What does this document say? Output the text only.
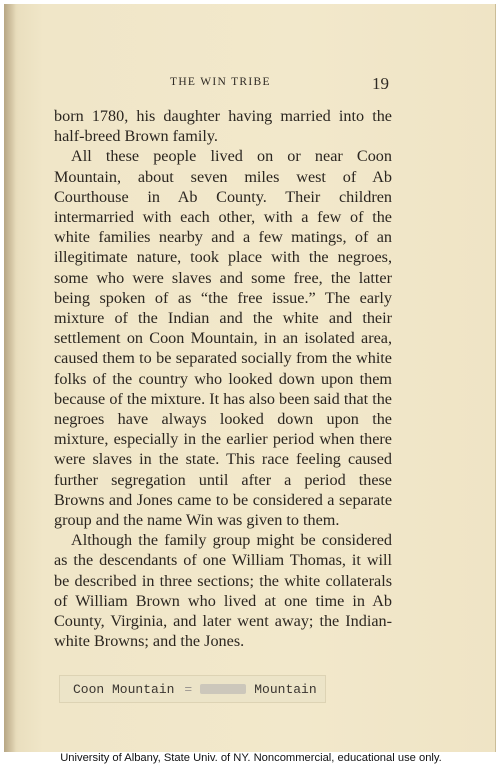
THE WIN TRIBE	19

born 1780, his daughter having married into the half-breed Brown family.

All these people lived on or near Coon Mountain, about seven miles west of Ab Courthouse in Ab County. Their children intermarried with each other, with a few of the white families nearby and a few matings, of an illegitimate nature, took place with the negroes, some who were slaves and some free, the latter being spoken of as “the free issue.” The early mixture of the Indian and the white and their settlement on Coon Mountain, in an isolated area, caused them to be separated socially from the white folks of the country who looked down upon them because of the mixture. It has also been said that the negroes have always looked down upon the mixture, especially in the earlier period when there were slaves in the state. This race feeling caused further segregation until after a period these Browns and Jones came to be considered a separate group and the name Win was given to them.

Although the family group might be considered as the descendants of one William Thomas, it will be described in three sections; the white collaterals of William Brown who lived at one time in Ab County, Virginia, and later went away; the Indian-white Browns; and the Jones.

Coon Mountain =	Mountain
University of Albany, State Univ. of NY. Noncommercial, educational use only.
